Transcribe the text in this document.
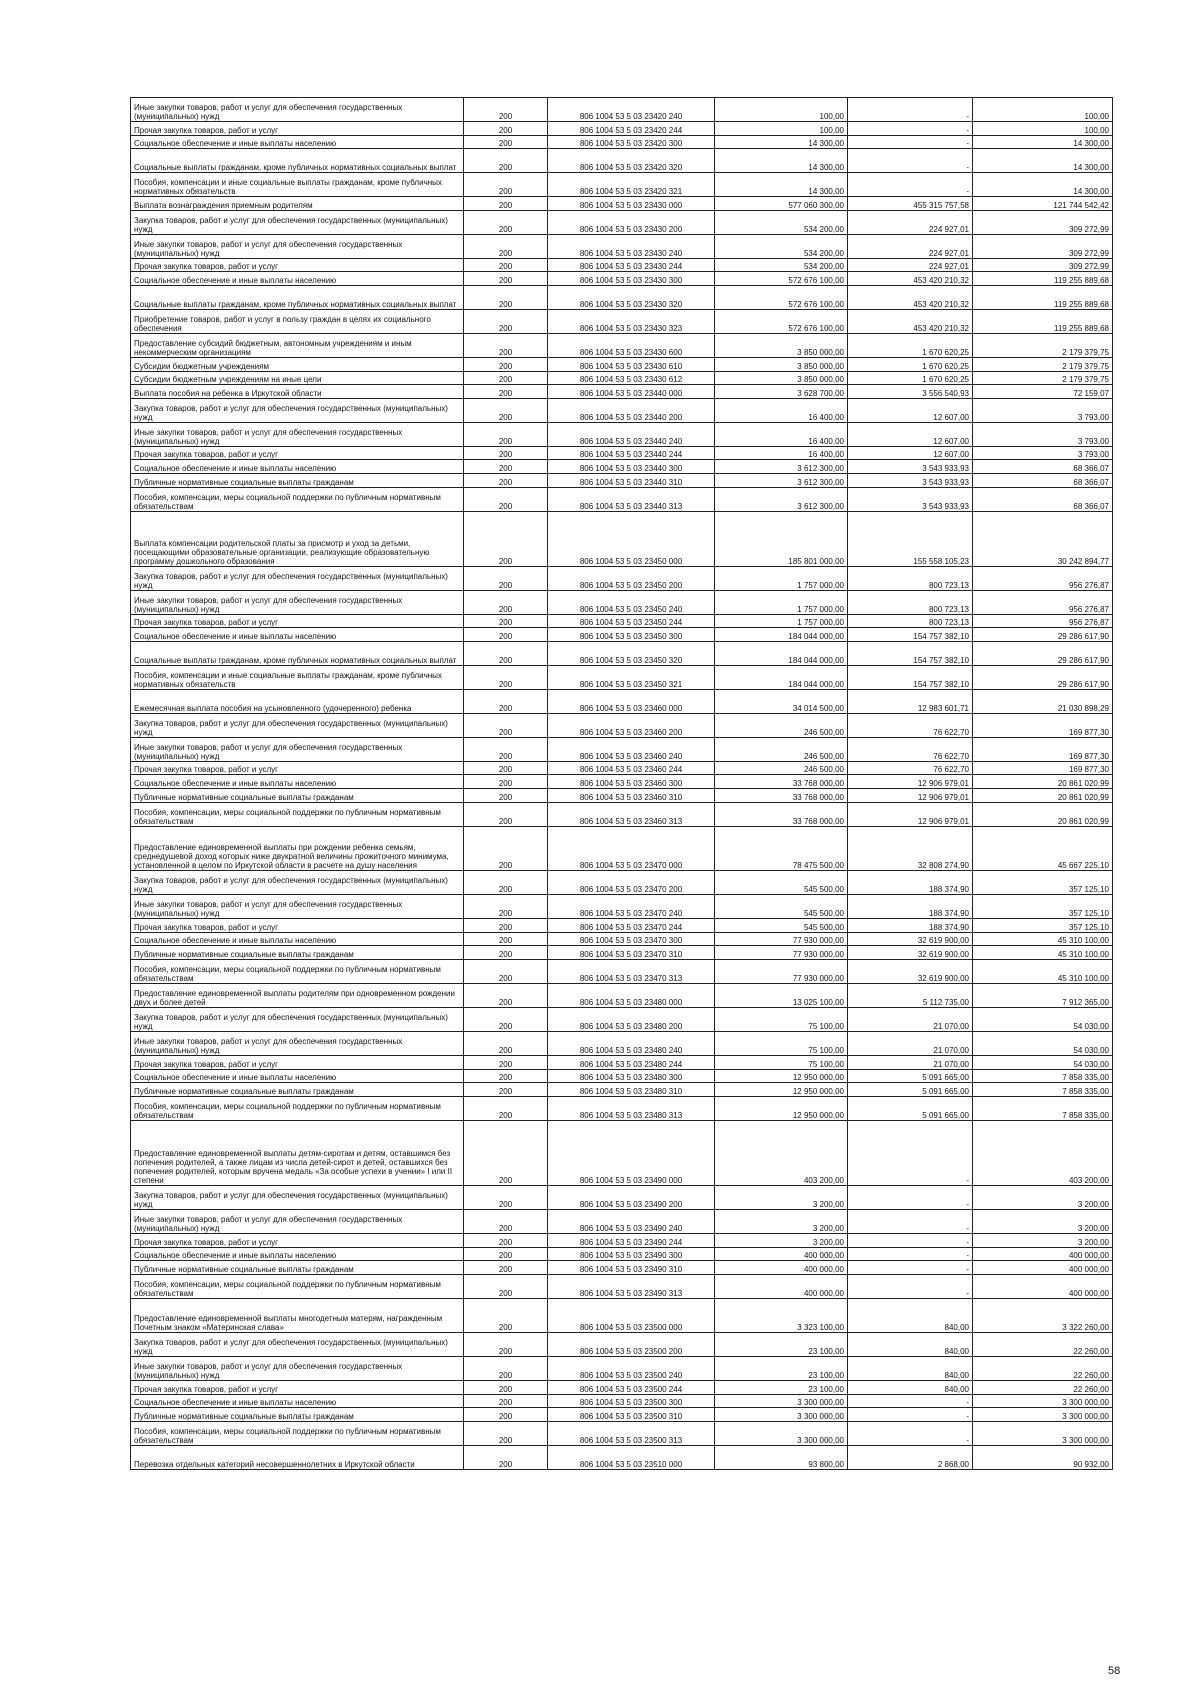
Иные закупки товаров, работ и услуг для обеспечения государственных (муниципальных) нужд	200	806 1004 53 5 03 23420 240	100,00	-	100,00
Прочая закупка товаров, работ и услуг	200	806 1004 53 5 03 23420 244	100,00	-	100,00
Социальное обеспечение и иные выплаты населению	200	806 1004 53 5 03 23420 300	14 300,00	-	14 300,00
Социальные выплаты гражданам, кроме публичных нормативных социальных выплат	200	806 1004 53 5 03 23420 320	14 300,00	-	14 300,00
Пособия, компенсации и иные социальные выплаты гражданам, кроме публичных нормативных обязательств	200	806 1004 53 5 03 23420 321	14 300,00	-	14 300,00
Выплата вознаграждения приемным родителям	200	806 1004 53 5 03 23430 000	577 060 300,00	455 315 757,58	121 744 542,42
Закупка товаров, работ и услуг для обеспечения государственных (муниципальных) нужд	200	806 1004 53 5 03 23430 200	534 200,00	224 927,01	309 272,99
Иные закупки товаров, работ и услуг для обеспечения государственных (муниципальных) нужд	200	806 1004 53 5 03 23430 240	534 200,00	224 927,01	309 272,99
Прочая закупка товаров, работ и услуг	200	806 1004 53 5 03 23430 244	534 200,00	224 927,01	309 272,99
Социальное обеспечение и иные выплаты населению	200	806 1004 53 5 03 23430 300	572 676 100,00	453 420 210,32	119 255 889,68
Социальные выплаты гражданам, кроме публичных нормативных социальных выплат	200	806 1004 53 5 03 23430 320	572 676 100,00	453 420 210,32	119 255 889,68
Приобретение товаров, работ и услуг в пользу граждан в целях их социального обеспечения	200	806 1004 53 5 03 23430 323	572 676 100,00	453 420 210,32	119 255 889,68
Предоставление субсидий бюджетным, автономным учреждениям и иным некоммерческим организациям	200	806 1004 53 5 03 23430 600	3 850 000,00	1 670 620,25	2 179 379,75
Субсидии бюджетным учреждениям	200	806 1004 53 5 03 23430 610	3 850 000,00	1 670 620,25	2 179 379,75
Субсидии бюджетным учреждениям на иные цели	200	806 1004 53 5 03 23430 612	3 850 000,00	1 670 620,25	2 179 379,75
Выплата пособия на ребенка в Иркутской области	200	806 1004 53 5 03 23440 000	3 628 700,00	3 556 540,93	72 159,07
Закупка товаров, работ и услуг для обеспечения государственных (муниципальных) нужд	200	806 1004 53 5 03 23440 200	16 400,00	12 607,00	3 793,00
Иные закупки товаров, работ и услуг для обеспечения государственных (муниципальных) нужд	200	806 1004 53 5 03 23440 240	16 400,00	12 607,00	3 793,00
Прочая закупка товаров, работ и услуг	200	806 1004 53 5 03 23440 244	16 400,00	12 607,00	3 793,00
Социальное обеспечение и иные выплаты населению	200	806 1004 53 5 03 23440 300	3 612 300,00	3 543 933,93	68 366,07
Публичные нормативные социальные выплаты гражданам	200	806 1004 53 5 03 23440 310	3 612 300,00	3 543 933,93	68 366,07
Пособия, компенсации, меры социальной поддержки по публичным нормативным обязательствам	200	806 1004 53 5 03 23440 313	3 612 300,00	3 543 933,93	68 366,07
Выплата компенсации родительской платы за присмотр и уход за детьми, посещающими образовательные организации, реализующие образовательную программу дошкольного образования	200	806 1004 53 5 03 23450 000	185 801 000,00	155 558 105,23	30 242 894,77
Закупка товаров, работ и услуг для обеспечения государственных (муниципальных) нужд	200	806 1004 53 5 03 23450 200	1 757 000,00	800 723,13	956 276,87
Иные закупки товаров, работ и услуг для обеспечения государственных (муниципальных) нужд	200	806 1004 53 5 03 23450 240	1 757 000,00	800 723,13	956 276,87
Прочая закупка товаров, работ и услуг	200	806 1004 53 5 03 23450 244	1 757 000,00	800 723,13	956 276,87
Социальное обеспечение и иные выплаты населению	200	806 1004 53 5 03 23450 300	184 044 000,00	154 757 382,10	29 286 617,90
Социальные выплаты гражданам, кроме публичных нормативных социальных выплат	200	806 1004 53 5 03 23450 320	184 044 000,00	154 757 382,10	29 286 617,90
Пособия, компенсации и иные социальные выплаты гражданам, кроме публичных нормативных обязательств	200	806 1004 53 5 03 23450 321	184 044 000,00	154 757 382,10	29 286 617,90
Ежемесячная выплата пособия на усыновленного (удочеренного) ребенка	200	806 1004 53 5 03 23460 000	34 014 500,00	12 983 601,71	21 030 898,29
Закупка товаров, работ и услуг для обеспечения государственных (муниципальных) нужд	200	806 1004 53 5 03 23460 200	246 500,00	76 622,70	169 877,30
Иные закупки товаров, работ и услуг для обеспечения государственных (муниципальных) нужд	200	806 1004 53 5 03 23460 240	246 500,00	76 622,70	169 877,30
Прочая закупка товаров, работ и услуг	200	806 1004 53 5 03 23460 244	246 500,00	76 622,70	169 877,30
Социальное обеспечение и иные выплаты населению	200	806 1004 53 5 03 23460 300	33 768 000,00	12 906 979,01	20 861 020,99
Публичные нормативные социальные выплаты гражданам	200	806 1004 53 5 03 23460 310	33 768 000,00	12 906 979,01	20 861 020,99
Пособия, компенсации, меры социальной поддержки по публичным нормативным обязательствам	200	806 1004 53 5 03 23460 313	33 768 000,00	12 906 979,01	20 861 020,99
Предоставление единовременной выплаты при рождении ребенка семьям, среднедушевой доход которых ниже двукратной величины прожиточного минимума, установленной в целом по Иркутской области в расчете на душу населения	200	806 1004 53 5 03 23470 000	78 475 500,00	32 808 274,90	45 667 225,10
Закупка товаров, работ и услуг для обеспечения государственных (муниципальных) нужд	200	806 1004 53 5 03 23470 200	545 500,00	188 374,90	357 125,10
Иные закупки товаров, работ и услуг для обеспечения государственных (муниципальных) нужд	200	806 1004 53 5 03 23470 240	545 500,00	188 374,90	357 125,10
Прочая закупка товаров, работ и услуг	200	806 1004 53 5 03 23470 244	545 500,00	188 374,90	357 125,10
Социальное обеспечение и иные выплаты населению	200	806 1004 53 5 03 23470 300	77 930 000,00	32 619 900,00	45 310 100,00
Публичные нормативные социальные выплаты гражданам	200	806 1004 53 5 03 23470 310	77 930 000,00	32 619 900,00	45 310 100,00
Пособия, компенсации, меры социальной поддержки по публичным нормативным обязательствам	200	806 1004 53 5 03 23470 313	77 930 000,00	32 619 900,00	45 310 100,00
Предоставление единовременной выплаты родителям при одновременном рождении двух и более детей	200	806 1004 53 5 03 23480 000	13 025 100,00	5 112 735,00	7 912 365,00
Закупка товаров, работ и услуг для обеспечения государственных (муниципальных) нужд	200	806 1004 53 5 03 23480 200	75 100,00	21 070,00	54 030,00
Иные закупки товаров, работ и услуг для обеспечения государственных (муниципальных) нужд	200	806 1004 53 5 03 23480 240	75 100,00	21 070,00	54 030,00
Прочая закупка товаров, работ и услуг	200	806 1004 53 5 03 23480 244	75 100,00	21 070,00	54 030,00
Социальное обеспечение и иные выплаты населению	200	806 1004 53 5 03 23480 300	12 950 000,00	5 091 665,00	7 858 335,00
Публичные нормативные социальные выплаты гражданам	200	806 1004 53 5 03 23480 310	12 950 000,00	5 091 665,00	7 858 335,00
Пособия, компенсации, меры социальной поддержки по публичным нормативным обязательствам	200	806 1004 53 5 03 23480 313	12 950 000,00	5 091 665,00	7 858 335,00
Предоставление единовременной выплаты детям-сиротам и детям, оставшимся без попечения родителей, а также лицам из числа детей-сирот и детей, оставшихся без попечения родителей, которым вручена медаль «За особые успехи в учении» I или II степени	200	806 1004 53 5 03 23490 000	403 200,00	-	403 200,00
Закупка товаров, работ и услуг для обеспечения государственных (муниципальных) нужд	200	806 1004 53 5 03 23490 200	3 200,00	-	3 200,00
Иные закупки товаров, работ и услуг для обеспечения государственных (муниципальных) нужд	200	806 1004 53 5 03 23490 240	3 200,00	-	3 200,00
Прочая закупка товаров, работ и услуг	200	806 1004 53 5 03 23490 244	3 200,00	-	3 200,00
Социальное обеспечение и иные выплаты населению	200	806 1004 53 5 03 23490 300	400 000,00	-	400 000,00
Публичные нормативные социальные выплаты гражданам	200	806 1004 53 5 03 23490 310	400 000,00	-	400 000,00
Пособия, компенсации, меры социальной поддержки по публичным нормативным обязательствам	200	806 1004 53 5 03 23490 313	400 000,00	-	400 000,00
Предоставление единовременной выплаты многодетным матерям, награжденным Почетным знаком «Материнская слава»	200	806 1004 53 5 03 23500 000	3 323 100,00	840,00	3 322 260,00
Закупка товаров, работ и услуг для обеспечения государственных (муниципальных) нужд	200	806 1004 53 5 03 23500 200	23 100,00	840,00	22 260,00
Иные закупки товаров, работ и услуг для обеспечения государственных (муниципальных) нужд	200	806 1004 53 5 03 23500 240	23 100,00	840,00	22 260,00
Прочая закупка товаров, работ и услуг	200	806 1004 53 5 03 23500 244	23 100,00	840,00	22 260,00
Социальное обеспечение и иные выплаты населению	200	806 1004 53 5 03 23500 300	3 300 000,00	-	3 300 000,00
Публичные нормативные социальные выплаты гражданам	200	806 1004 53 5 03 23500 310	3 300 000,00	-	3 300 000,00
Пособия, компенсации, меры социальной поддержки по публичным нормативным обязательствам	200	806 1004 53 5 03 23500 313	3 300 000,00	-	3 300 000,00
Перевозка отдельных категорий несовершеннолетних в Иркутской области	200	806 1004 53 5 03 23510 000	93 800,00	2 868,00	90 932,00
58
